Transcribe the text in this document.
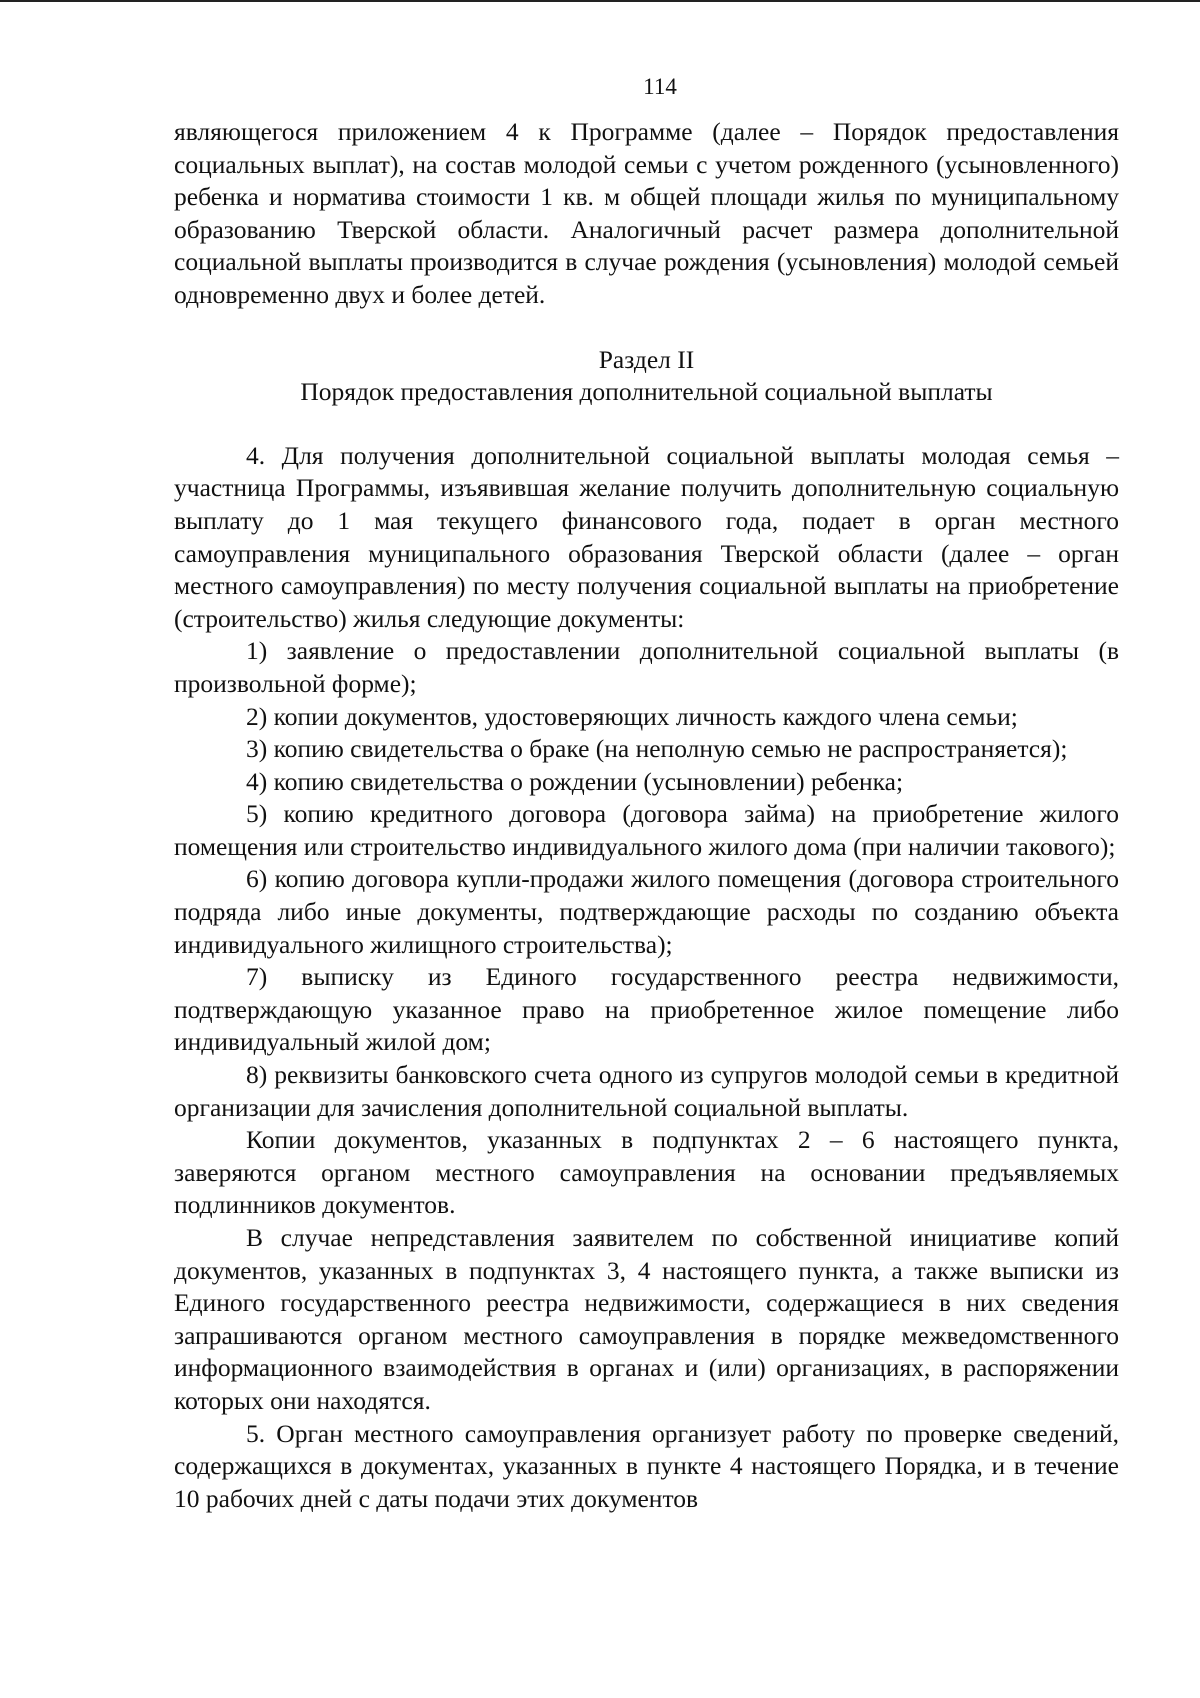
114

являющегося приложением 4 к Программе (далее – Порядок предоставления социальных выплат), на состав молодой семьи с учетом рожденного (усыновленного) ребенка и норматива стоимости 1 кв. м общей площади жилья по муниципальному образованию Тверской области. Аналогичный расчет размера дополнительной социальной выплаты производится в случае рождения (усыновления) молодой семьей одновременно двух и более детей.

Раздел II

Порядок предоставления дополнительной социальной выплаты

4. Для получения дополнительной социальной выплаты молодая семья – участница Программы, изъявившая желание получить дополнительную социальную выплату до 1 мая текущего финансового года, подает в орган местного самоуправления муниципального образования Тверской области (далее – орган местного самоуправления) по месту получения социальной выплаты на приобретение (строительство) жилья следующие документы:

1) заявление о предоставлении дополнительной социальной выплаты (в произвольной форме);

2) копии документов, удостоверяющих личность каждого члена семьи;

3) копию свидетельства о браке (на неполную семью не распространяется);

4) копию свидетельства о рождении (усыновлении) ребенка;

5) копию кредитного договора (договора займа) на приобретение жилого помещения или строительство индивидуального жилого дома (при наличии такового);

6) копию договора купли-продажи жилого помещения (договора строительного подряда либо иные документы, подтверждающие расходы по созданию объекта индивидуального жилищного строительства);

7) выписку из Единого государственного реестра недвижимости, подтверждающую указанное право на приобретенное жилое помещение либо индивидуальный жилой дом;

8) реквизиты банковского счета одного из супругов молодой семьи в кредитной организации для зачисления дополнительной социальной выплаты.

Копии документов, указанных в подпунктах 2 – 6 настоящего пункта, заверяются органом местного самоуправления на основании предъявляемых подлинников документов.

В случае непредставления заявителем по собственной инициативе копий документов, указанных в подпунктах 3, 4 настоящего пункта, а также выписки из Единого государственного реестра недвижимости, содержащиеся в них сведения запрашиваются органом местного самоуправления в порядке межведомственного информационного взаимодействия в органах и (или) организациях, в распоряжении которых они находятся.

5. Орган местного самоуправления организует работу по проверке сведений, содержащихся в документах, указанных в пункте 4 настоящего Порядка, и в течение 10 рабочих дней с даты подачи этих документов
